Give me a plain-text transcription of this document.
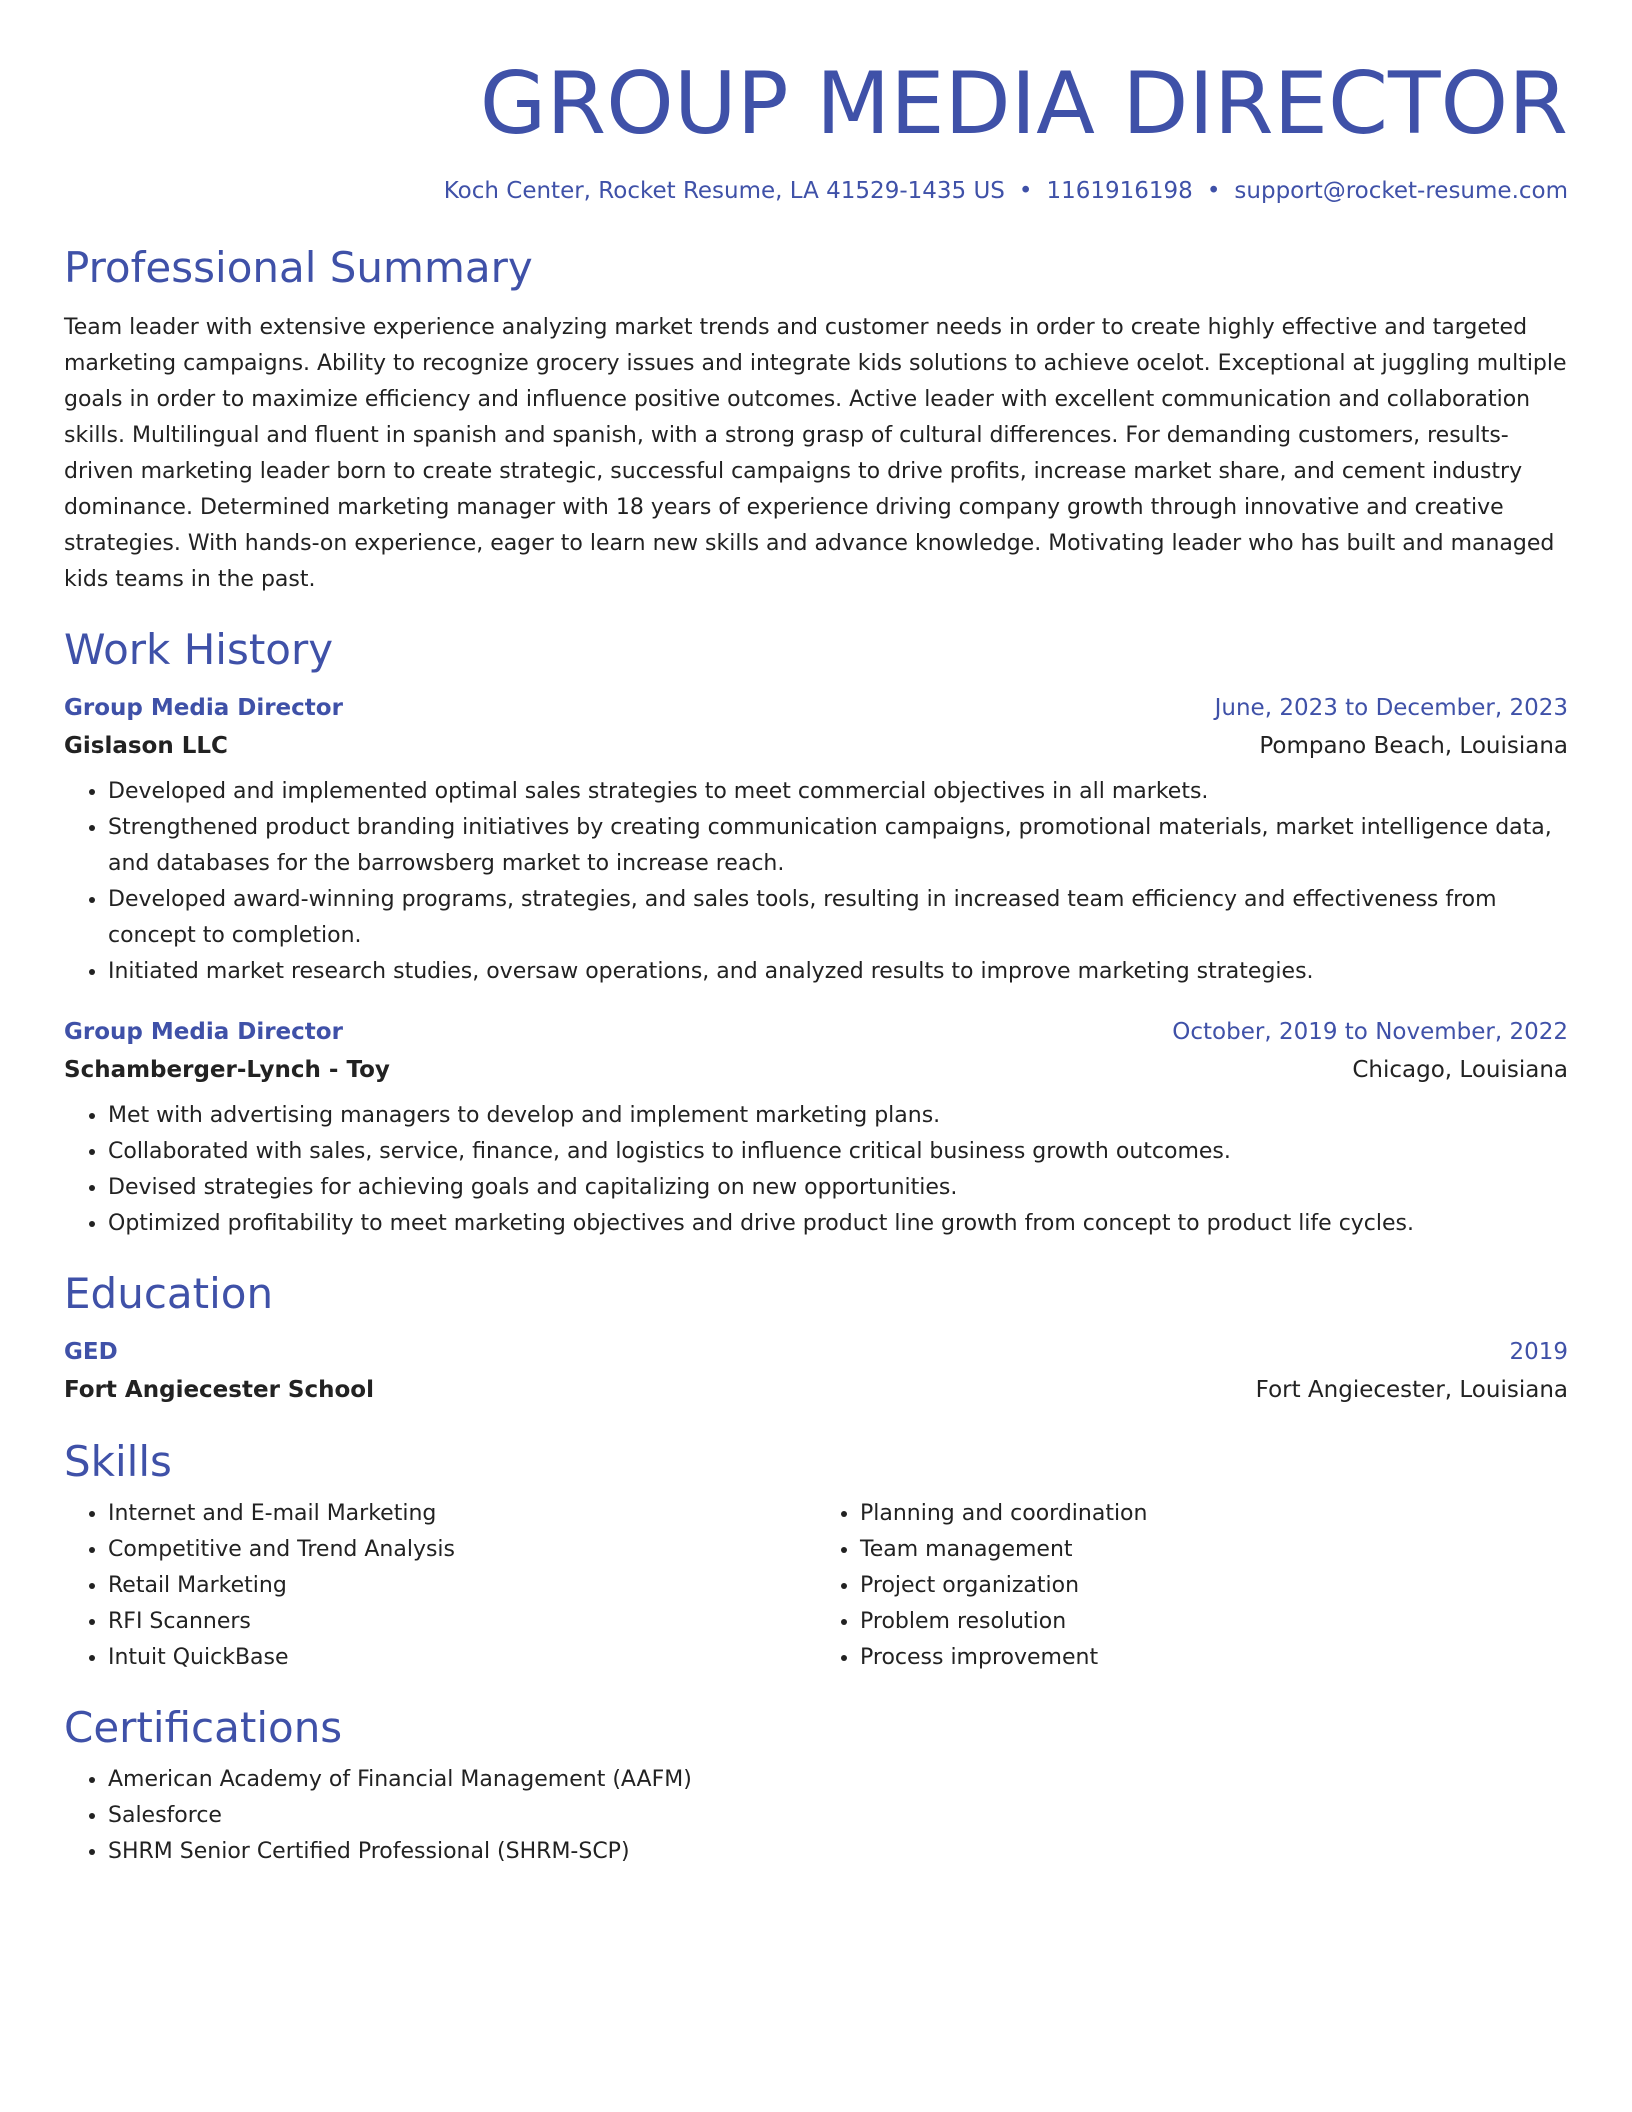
GROUP MEDIA DIRECTOR
Koch Center, Rocket Resume, LA 41529-1435 US • 1161916198 • support@rocket-resume.com
Professional Summary

Team leader with extensive experience analyzing market trends and customer needs in order to create highly effective and targeted marketing campaigns. Ability to recognize grocery issues and integrate kids solutions to achieve ocelot. Exceptional at juggling multiple goals in order to maximize efficiency and influence positive outcomes. Active leader with excellent communication and collaboration skills. Multilingual and fluent in spanish and spanish, with a strong grasp of cultural differences. For demanding customers, results-driven marketing leader born to create strategic, successful campaigns to drive profits, increase market share, and cement industry dominance. Determined marketing manager with 18 years of experience driving company growth through innovative and creative strategies. With hands-on experience, eager to learn new skills and advance knowledge. Motivating leader who has built and managed kids teams in the past.

Work History
Group Media Director	June, 2023 to December, 2023
Gislason LLC	Pompano Beach, Louisiana
• Developed and implemented optimal sales strategies to meet commercial objectives in all markets.
• Strengthened product branding initiatives by creating communication campaigns, promotional materials, market intelligence data, and databases for the barrowsberg market to increase reach.
• Developed award-winning programs, strategies, and sales tools, resulting in increased team efficiency and effectiveness from concept to completion.
• Initiated market research studies, oversaw operations, and analyzed results to improve marketing strategies.
Group Media Director	October, 2019 to November, 2022
Schamberger-Lynch - Toy	Chicago, Louisiana
• Met with advertising managers to develop and implement marketing plans.
• Collaborated with sales, service, finance, and logistics to influence critical business growth outcomes.
• Devised strategies for achieving goals and capitalizing on new opportunities.
• Optimized profitability to meet marketing objectives and drive product line growth from concept to product life cycles.
Education
GED	2019
Fort Angiecester School	Fort Angiecester, Louisiana
Skills
• Internet and E-mail Marketing
• Competitive and Trend Analysis
• Retail Marketing
• RFI Scanners
• Intuit QuickBase
• Planning and coordination
• Team management
• Project organization
• Problem resolution
• Process improvement
Certifications
• American Academy of Financial Management (AAFM)
• Salesforce
• SHRM Senior Certified Professional (SHRM-SCP)
